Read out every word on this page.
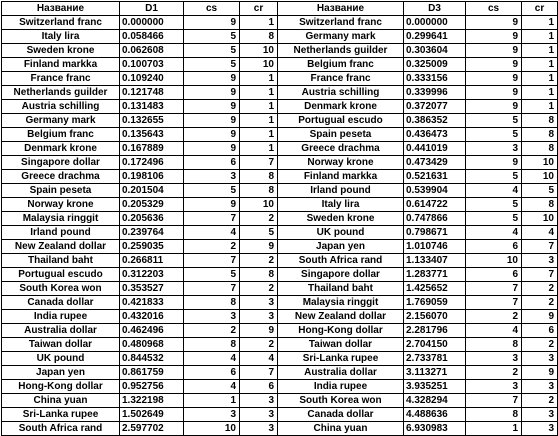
Название	D1	cs	cr	Название	D3	cs	cr
Switzerland franc	0.000000	9	1	Switzerland franc	0.000000	9	1
Italy lira	0.058466	5	8	Germany mark	0.299641	9	1
Sweden krone	0.062608	5	10	Netherlands guilder	0.303604	9	1
Finland markka	0.100703	5	10	Belgium franc	0.325009	9	1
France franc	0.109240	9	1	France franc	0.333156	9	1
Netherlands guilder	0.121748	9	1	Austria schilling	0.339996	9	1
Austria schilling	0.131483	9	1	Denmark krone	0.372077	9	1
Germany mark	0.132655	9	1	Portugual escudo	0.386352	5	8
Belgium franc	0.135643	9	1	Spain peseta	0.436473	5	8
Denmark krone	0.167889	9	1	Greece drachma	0.441019	3	8
Singapore dollar	0.172496	6	7	Norway krone	0.473429	9	10
Greece drachma	0.198106	3	8	Finland markka	0.521631	5	10
Spain peseta	0.201504	5	8	Irland pound	0.539904	4	5
Norway krone	0.205329	9	10	Italy lira	0.614722	5	8
Malaysia ringgit	0.205636	7	2	Sweden krone	0.747866	5	10
Irland pound	0.239764	4	5	UK pound	0.798671	4	4
New Zealand dollar	0.259035	2	9	Japan yen	1.010746	6	7
Thailand baht	0.266811	7	2	South Africa rand	1.133407	10	3
Portugual escudo	0.312203	5	8	Singapore dollar	1.283771	6	7
South Korea won	0.353527	7	2	Thailand baht	1.425652	7	2
Canada dollar	0.421833	8	3	Malaysia ringgit	1.769059	7	2
India rupee	0.432016	3	3	New Zealand dollar	2.156070	2	9
Australia dollar	0.462496	2	9	Hong-Kong dollar	2.281796	4	6
Taiwan dollar	0.480968	8	2	Taiwan dollar	2.704150	8	2
UK pound	0.844532	4	4	Sri-Lanka rupee	2.733781	3	3
Japan yen	0.861759	6	7	Australia dollar	3.113271	2	9
Hong-Kong dollar	0.952756	4	6	India rupee	3.935251	3	3
China yuan	1.322198	1	3	South Korea won	4.328294	7	2
Sri-Lanka rupee	1.502649	3	3	Canada dollar	4.488636	8	3
South Africa rand	2.597702	10	3	China yuan	6.930983	1	3
